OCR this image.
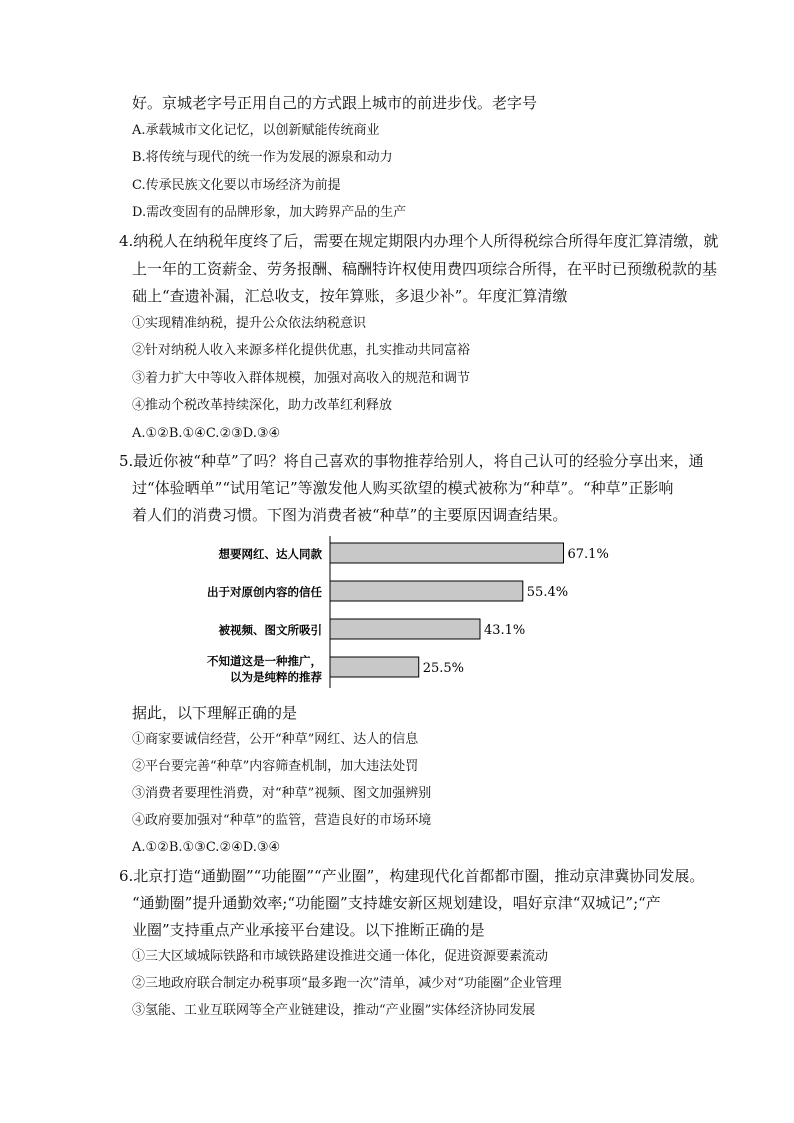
好。京城老字号正用自己的方式跟上城市的前进步伐。老字号
A.承载城市文化记忆，以创新赋能传统商业
B.将传统与现代的统一作为发展的源泉和动力
C.传承民族文化要以市场经济为前提
D.需改变固有的品牌形象，加大跨界产品的生产
4.纳税人在纳税年度终了后，需要在规定期限内办理个人所得税综合所得年度汇算清缴，就
上一年的工资薪金、劳务报酬、稿酬特许权使用费四项综合所得，在平时已预缴税款的基
础上“查遗补漏，汇总收支，按年算账，多退少补”。年度汇算清缴
①实现精准纳税，提升公众依法纳税意识
②针对纳税人收入来源多样化提供优惠，扎实推动共同富裕
③着力扩大中等收入群体规模，加强对高收入的规范和调节
④推动个税改革持续深化，助力改革红利释放
A.①②B.①④C.②③D.③④
5.最近你被“种草”了吗？将自己喜欢的事物推荐给别人，将自己认可的经验分享出来，通
过“体验晒单”“试用笔记”等激发他人购买欲望的模式被称为“种草”。“种草”正影响
着人们的消费习惯。下图为消费者被“种草”的主要原因调查结果。
想要网红、达人同款
出于对原创内容的信任
被视频、图文所吸引
不知道这是一种推广，
以为是纯粹的推荐
67.1%
55.4%
43.1%
25.5%
据此，以下理解正确的是
①商家要诚信经营，公开“种草”网红、达人的信息
②平台要完善“种草”内容筛查机制，加大违法处罚
③消费者要理性消费，对“种草”视频、图文加强辨别
④政府要加强对“种草”的监管，营造良好的市场环境
A.①②B.①③C.②④D.③④
6.北京打造“通勤圈”“功能圈”“产业圈”，构建现代化首都都市圈，推动京津冀协同发展。
“通勤圈”提升通勤效率;“功能圈”支持雄安新区规划建设，唱好京津“双城记”;“产
业圈”支持重点产业承接平台建设。以下推断正确的是
①三大区域城际铁路和市域铁路建设推进交通一体化，促进资源要素流动
②三地政府联合制定办税事项“最多跑一次”清单，减少对“功能圈”企业管理
③氢能、工业互联网等全产业链建设，推动“产业圈”实体经济协同发展
